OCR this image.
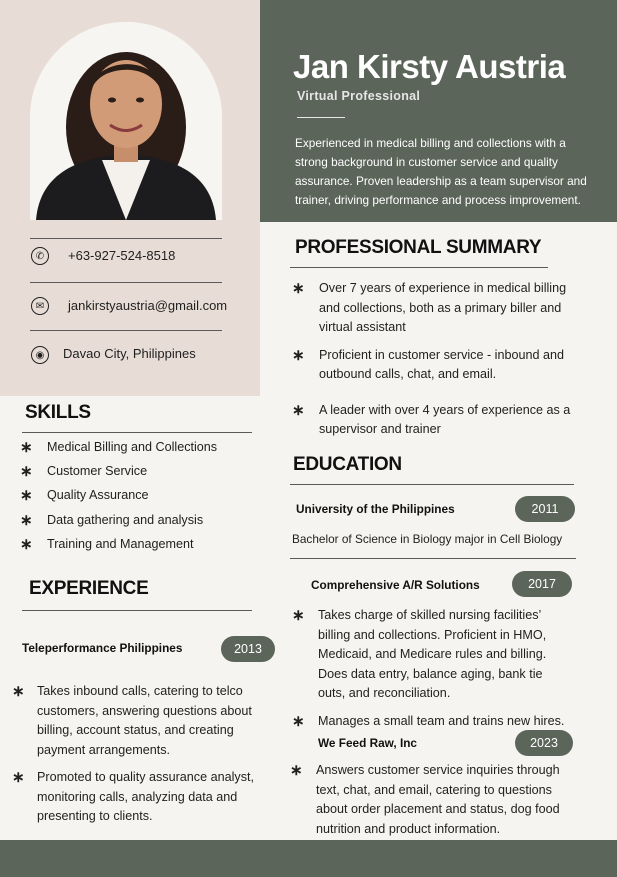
✆	+63-927-524-8518
✉	jankirstyaustria@gmail.com
◉	Davao City, Philippines
Jan Kirsty Austria
Virtual Professional
Experienced in medical billing and collections with a strong background in customer service and quality assurance. Proven leadership as a team supervisor and trainer, driving performance and process improvement.
SKILLS
∗ Medical Billing and Collections
∗ Customer Service
∗ Quality Assurance
∗ Data gathering and analysis
∗ Training and Management
EXPERIENCE
Teleperformance Philippines	2013
∗ Takes inbound calls, catering to telco customers, answering questions about billing, account status, and creating payment arrangements.
∗ Promoted to quality assurance analyst, monitoring calls, analyzing data and presenting to clients.
PROFESSIONAL SUMMARY
∗ Over 7 years of experience in medical billing and collections, both as a primary biller and virtual assistant
∗ Proficient in customer service - inbound and outbound calls, chat, and email.
∗ A leader with over 4 years of experience as a supervisor and trainer
EDUCATION
University of the Philippines	2011
Bachelor of Science in Biology major in Cell Biology
Comprehensive A/R Solutions	2017
∗ Takes charge of skilled nursing facilities’ billing and collections. Proficient in HMO, Medicaid, and Medicare rules and billing. Does data entry, balance aging, bank tie outs, and reconciliation.
∗ Manages a small team and trains new hires.
We Feed Raw, Inc	2023
∗ Answers customer service inquiries through text, chat, and email, catering to questions about order placement and status, dog food nutrition and product information.
